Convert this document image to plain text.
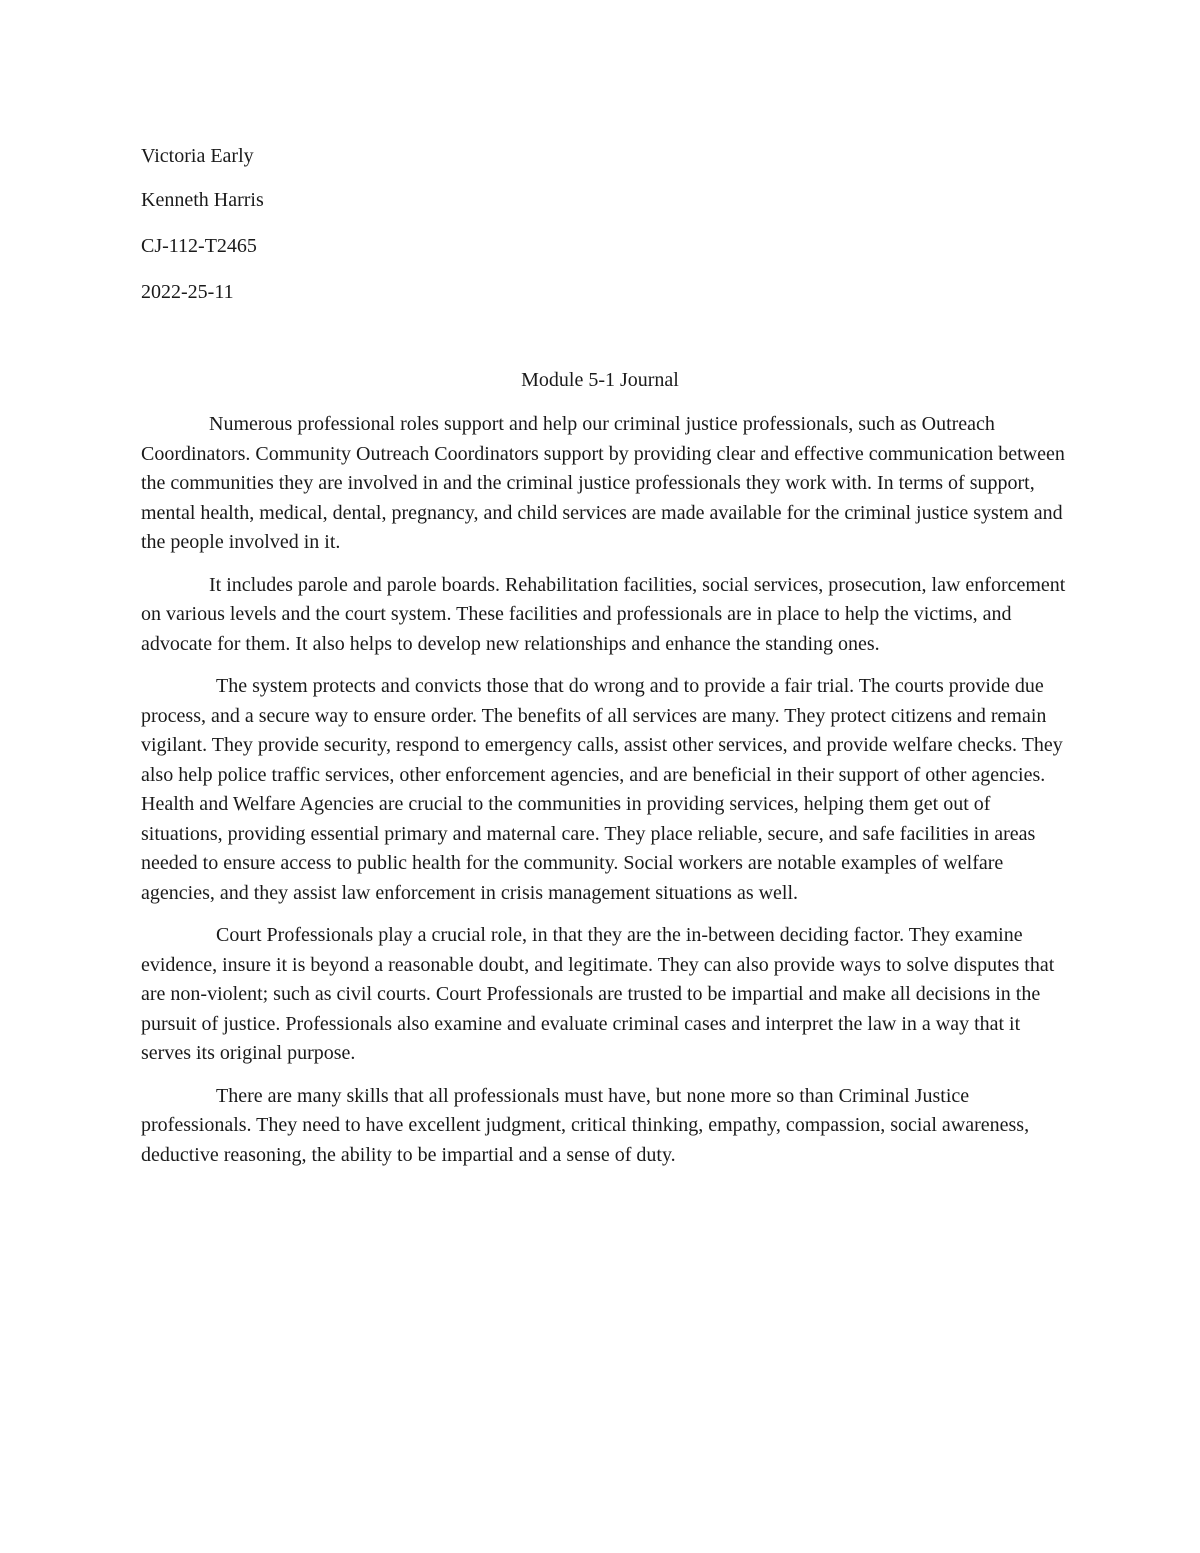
Victoria Early
Kenneth Harris
CJ-112-T2465
2022-25-11
Module 5-1 Journal

Numerous professional roles support and help our criminal justice professionals, such as Outreach Coordinators. Community Outreach Coordinators support by providing clear and effective communication between the communities they are involved in and the criminal justice professionals they work with. In terms of support, mental health, medical, dental, pregnancy, and child services are made available for the criminal justice system and the people involved in it.

It includes parole and parole boards. Rehabilitation facilities, social services, prosecution, law enforcement on various levels and the court system. These facilities and professionals are in place to help the victims, and advocate for them. It also helps to develop new relationships and enhance the standing ones.

The system protects and convicts those that do wrong and to provide a fair trial. The courts provide due process, and a secure way to ensure order. The benefits of all services are many. They protect citizens and remain vigilant. They provide security, respond to emergency calls, assist other services, and provide welfare checks. They also help police traffic services, other enforcement agencies, and are beneficial in their support of other agencies. Health and Welfare Agencies are crucial to the communities in providing services, helping them get out of situations, providing essential primary and maternal care. They place reliable, secure, and safe facilities in areas needed to ensure access to public health for the community. Social workers are notable examples of welfare agencies, and they assist law enforcement in crisis management situations as well.

Court Professionals play a crucial role, in that they are the in-between deciding factor. They examine evidence, insure it is beyond a reasonable doubt, and legitimate. They can also provide ways to solve disputes that are non-violent; such as civil courts. Court Professionals are trusted to be impartial and make all decisions in the pursuit of justice. Professionals also examine and evaluate criminal cases and interpret the law in a way that it serves its original purpose.

There are many skills that all professionals must have, but none more so than Criminal Justice professionals. They need to have excellent judgment, critical thinking, empathy, compassion, social awareness, deductive reasoning, the ability to be impartial and a sense of duty.
